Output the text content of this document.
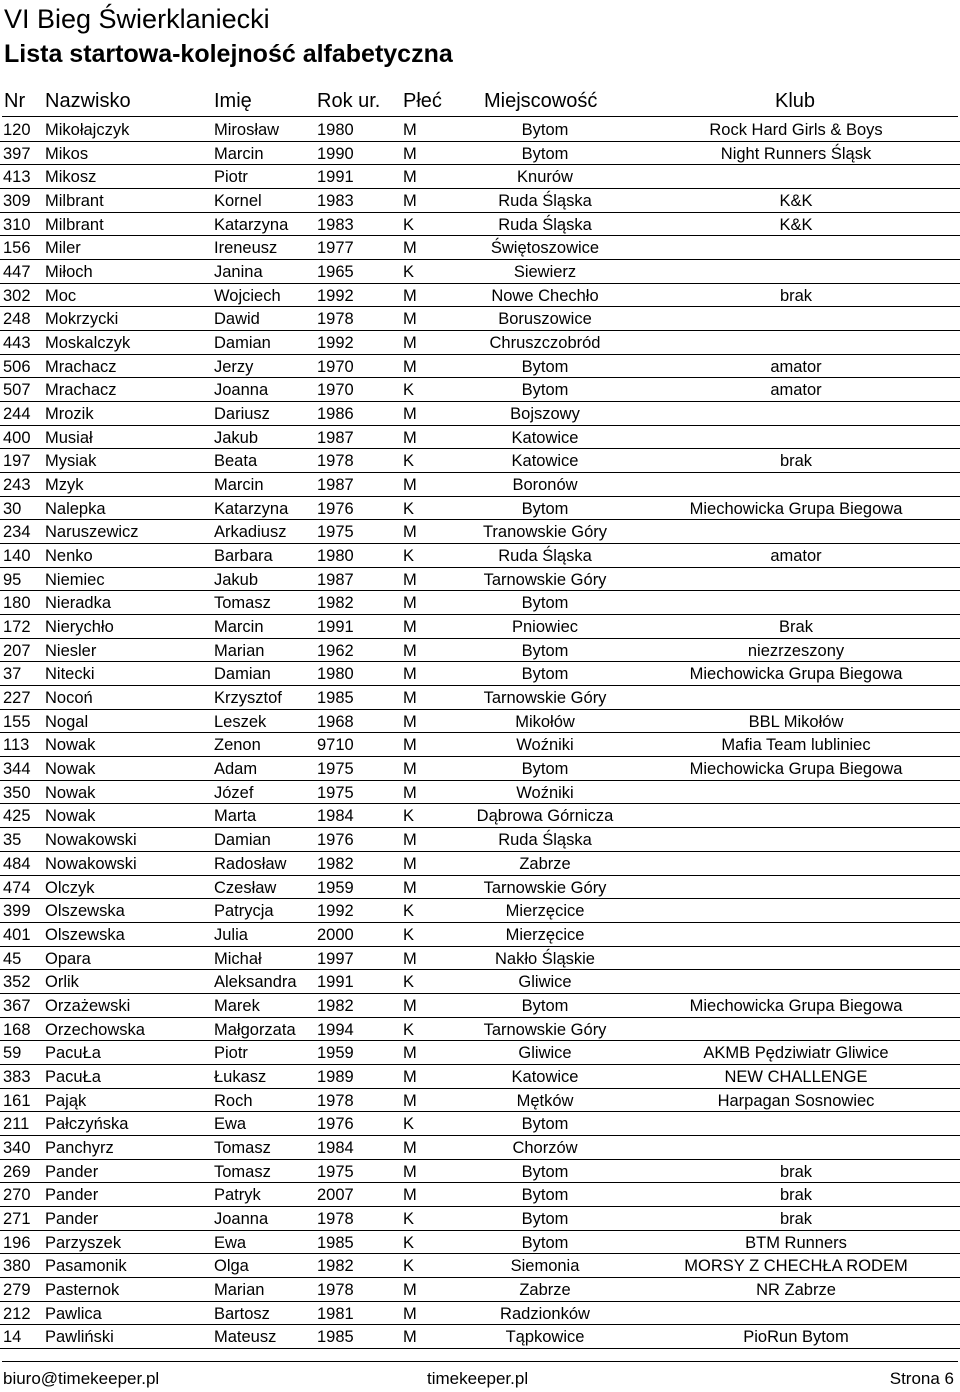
VI Bieg Świerklaniecki
Lista startowa-kolejność alfabetyczna
Nr Nazwisko	Imię	Rok ur. Płeć Miejscowość	Klub
120 Mikołajczyk	Mirosław 1980	M	Bytom	Rock Hard Girls & Boys
397 Mikos	Marcin	1990	M	Bytom	Night Runners Śląsk
413 Mikosz	Piotr	1991	M	Knurów
309 Milbrant	Kornel	1983	M	Ruda Śląska	K&K
310 Milbrant	Katarzyna 1983	K	Ruda Śląska	K&K
156 Miler	Ireneusz 1977	M	Świętoszowice
447 Miłoch	Janina	1965	K	Siewierz
302 Moc	Wojciech 1992	M	Nowe Chechło	brak
248 Mokrzycki	Dawid	1978	M	Boruszowice
443 Moskalczyk	Damian	1992	M	Chruszczobród
506 Mrachacz	Jerzy	1970	M	Bytom	amator
507 Mrachacz	Joanna	1970	K	Bytom	amator
244 Mrozik	Dariusz	1986	M	Bojszowy
400 Musiał	Jakub	1987	M	Katowice
197 Mysiak	Beata	1978	K	Katowice	brak
243 Mzyk	Marcin	1987	M	Boronów
30 Nalepka	Katarzyna 1976	K	Bytom	Miechowicka Grupa Biegowa
234 Naruszewicz	Arkadiusz 1975	M	Tranowskie Góry
140 Nenko	Barbara	1980	K	Ruda Śląska	amator
95 Niemiec	Jakub	1987	M	Tarnowskie Góry
180 Nieradka	Tomasz	1982	M	Bytom
172 Nierychło	Marcin	1991	M	Pniowiec	Brak
207 Niesler	Marian	1962	M	Bytom	niezrzeszony
37 Nitecki	Damian	1980	M	Bytom	Miechowicka Grupa Biegowa
227 Nocoń	Krzysztof 1985	M	Tarnowskie Góry
155 Nogal	Leszek	1968	M	Mikołów	BBL Mikołów
113 Nowak	Zenon	9710	M	Woźniki	Mafia Team lubliniec
344 Nowak	Adam	1975	M	Bytom	Miechowicka Grupa Biegowa
350 Nowak	Józef	1975	M	Woźniki
425 Nowak	Marta	1984	K	Dąbrowa Górnicza
35 Nowakowski	Damian	1976	M	Ruda Śląska
484 Nowakowski	Radosław 1982	M	Zabrze
474 Olczyk	Czesław 1959	M	Tarnowskie Góry
399 Olszewska	Patrycja	1992	K	Mierzęcice
401 Olszewska	Julia	2000	K	Mierzęcice
45 Opara	Michał	1997	M	Nakło Śląskie
352 Orlik	Aleksandra 1991	K	Gliwice
367 Orzażewski	Marek	1982	M	Bytom	Miechowicka Grupa Biegowa
168 Orzechowska	Małgorzata 1994	K	Tarnowskie Góry
59 PacuŁa	Piotr	1959	M	Gliwice	AKMB Pędziwiatr Gliwice
383 PacuŁa	Łukasz	1989	M	Katowice	NEW CHALLENGE
161 Pająk	Roch	1978	M	Mętków	Harpagan Sosnowiec
211 Pałczyńska	Ewa	1976	K	Bytom
340 Panchyrz	Tomasz	1984	M	Chorzów
269 Pander	Tomasz	1975	M	Bytom	brak
270 Pander	Patryk	2007	M	Bytom	brak
271 Pander	Joanna	1978	K	Bytom	brak
196 Parzyszek	Ewa	1985	K	Bytom	BTM Runners
380 Pasamonik	Olga	1982	K	Siemonia	MORSY Z CHECHŁA RODEM
279 Pasternok	Marian	1978	M	Zabrze	NR Zabrze
212 Pawlica	Bartosz	1981	M	Radzionków
14 Pawliński	Mateusz 1985	M	Tąpkowice	PioRun Bytom
biuro@timekeeper.pl	timekeeper.pl	Strona 6
